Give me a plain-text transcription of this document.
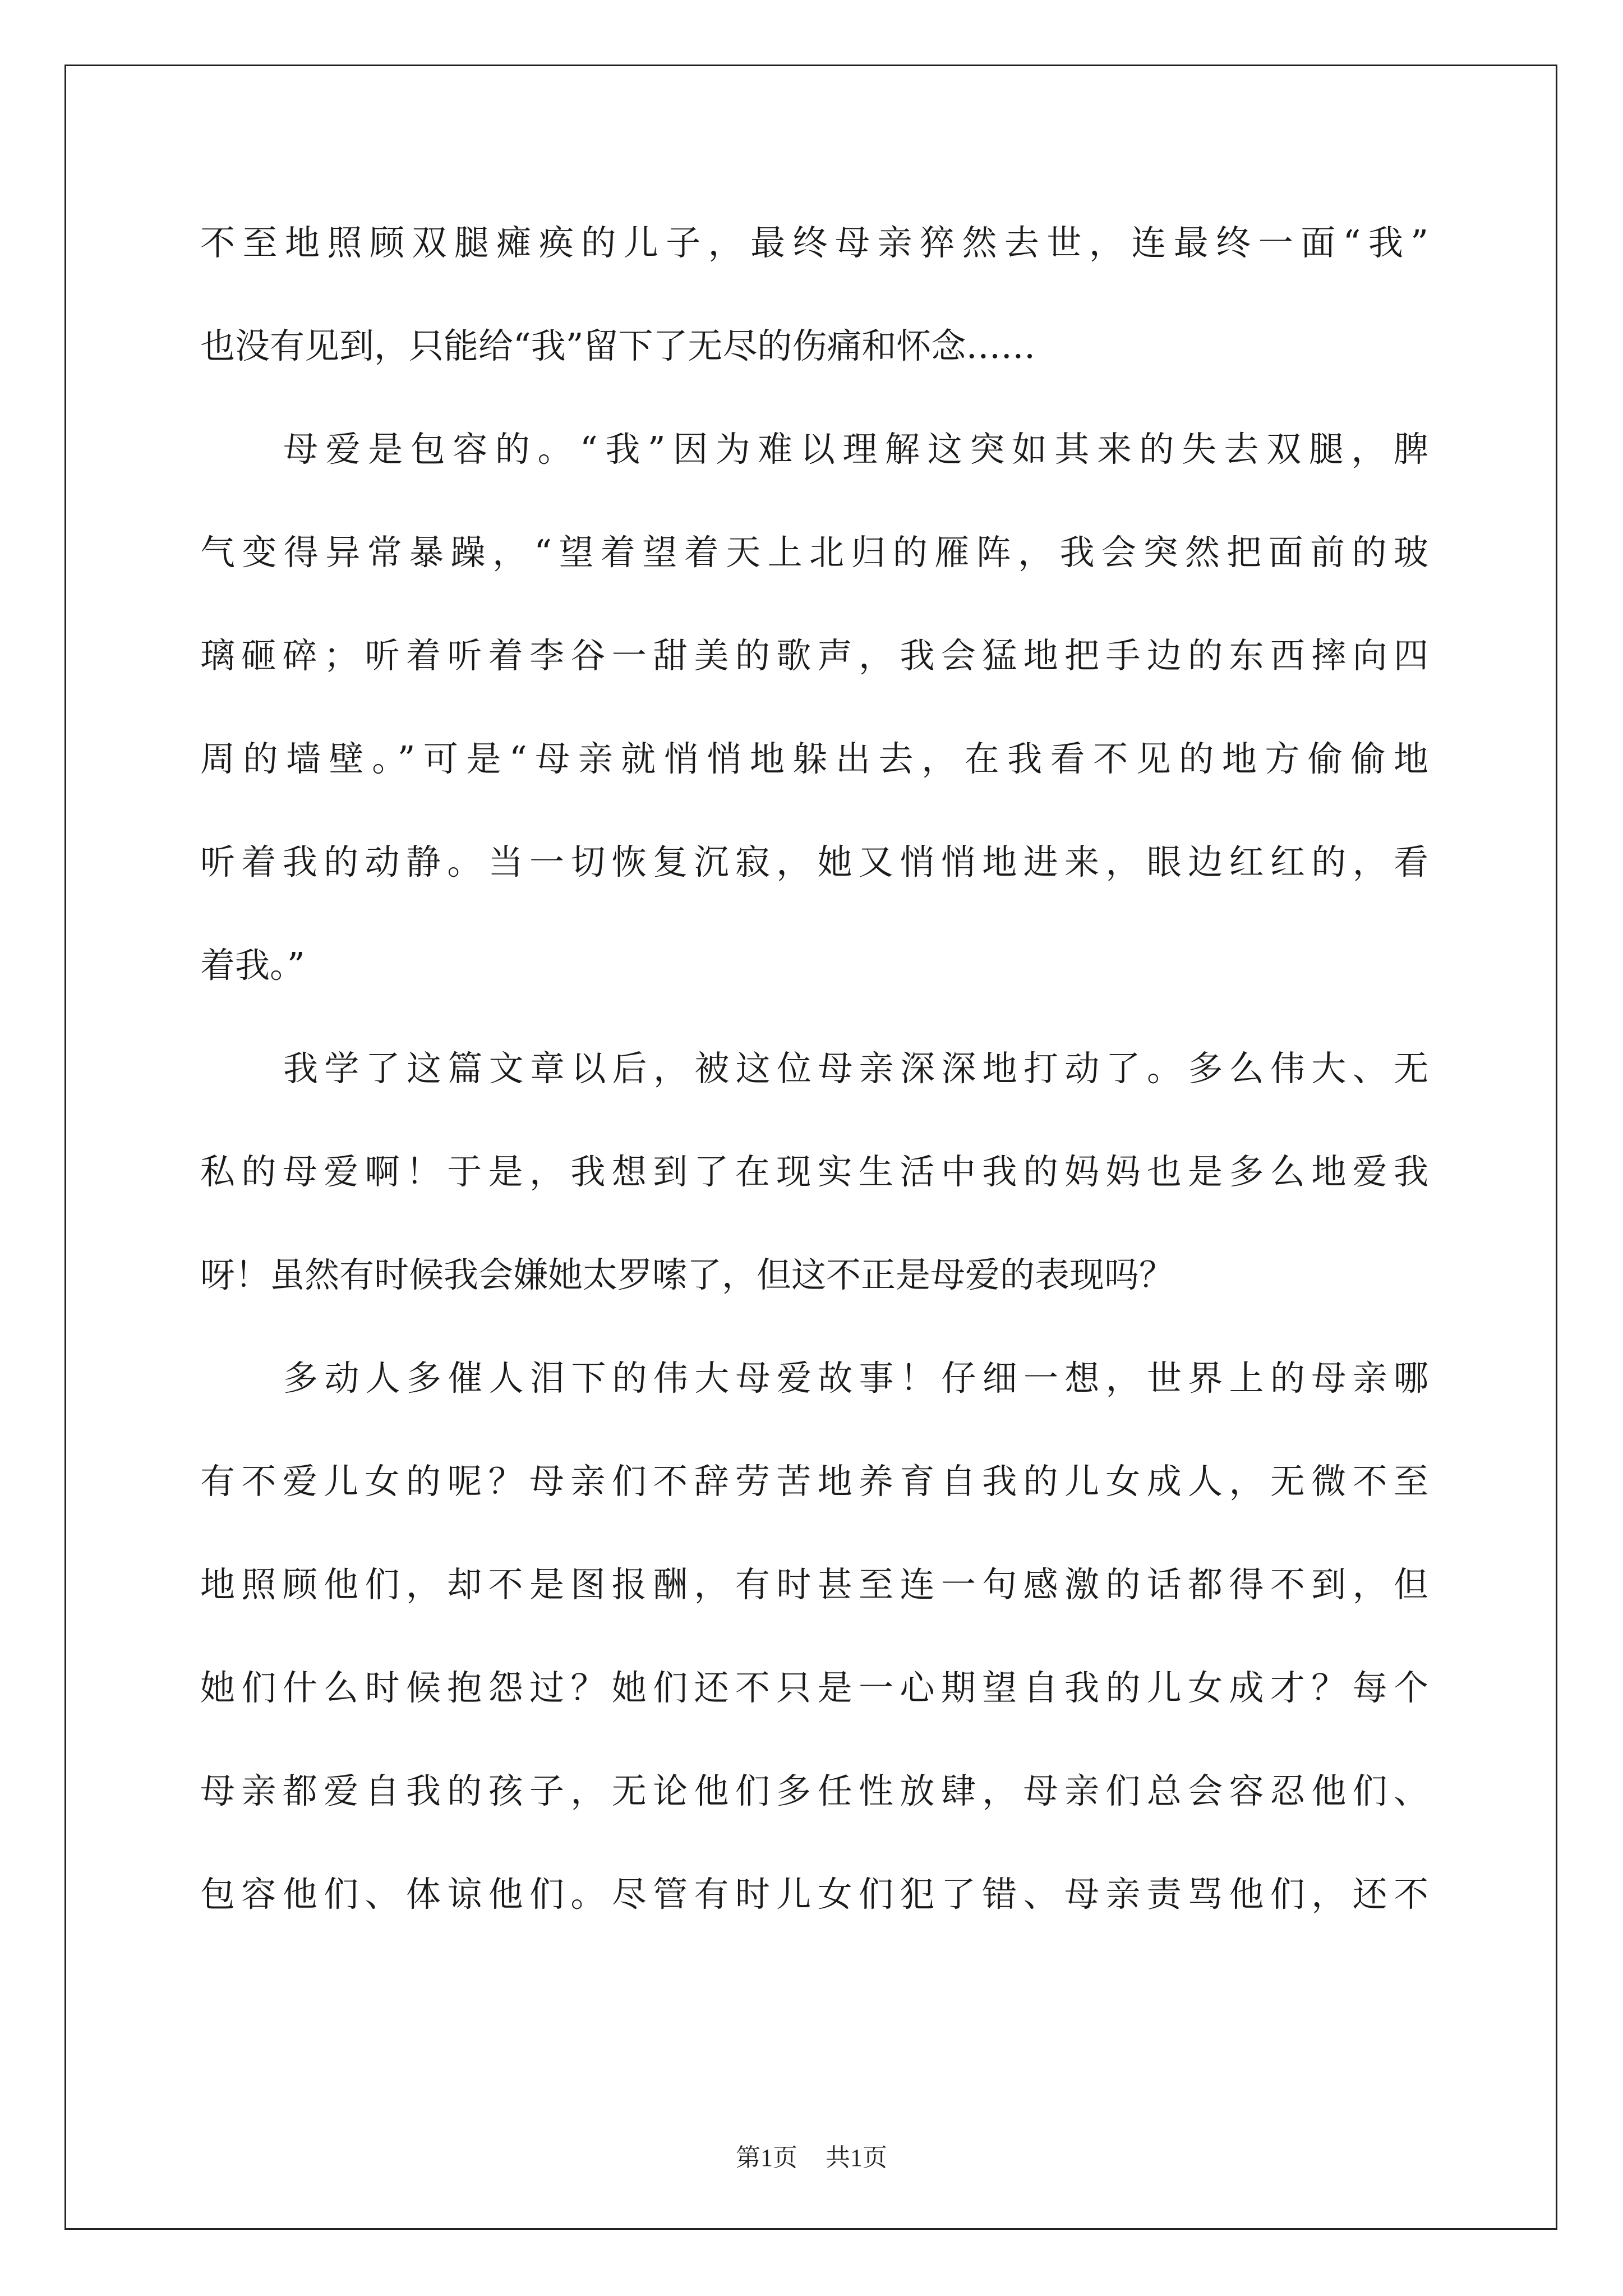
不至地照顾双腿瘫痪的儿子，最终母亲猝然去世，连最终一面“我”
也没有见到，只能给“我”留下了无尽的伤痛和怀念……
母爱是包容的。“我”因为难以理解这突如其来的失去双腿，脾
气变得异常暴躁，“望着望着天上北归的雁阵，我会突然把面前的玻
璃砸碎；听着听着李谷一甜美的歌声，我会猛地把手边的东西摔向四
周的墙壁。”可是“母亲就悄悄地躲出去，在我看不见的地方偷偷地
听着我的动静。当一切恢复沉寂，她又悄悄地进来，眼边红红的，看
着我。”
我学了这篇文章以后，被这位母亲深深地打动了。多么伟大、无
私的母爱啊！于是，我想到了在现实生活中我的妈妈也是多么地爱我
呀！虽然有时候我会嫌她太罗嗦了，但这不正是母爱的表现吗？
多动人多催人泪下的伟大母爱故事！仔细一想，世界上的母亲哪
有不爱儿女的呢？母亲们不辞劳苦地养育自我的儿女成人，无微不至
地照顾他们，却不是图报酬，有时甚至连一句感激的话都得不到，但
她们什么时候抱怨过？她们还不只是一心期望自我的儿女成才？每个
母亲都爱自我的孩子，无论他们多任性放肆，母亲们总会容忍他们、
包容他们、体谅他们。尽管有时儿女们犯了错、母亲责骂他们，还不
第1页 共1页
